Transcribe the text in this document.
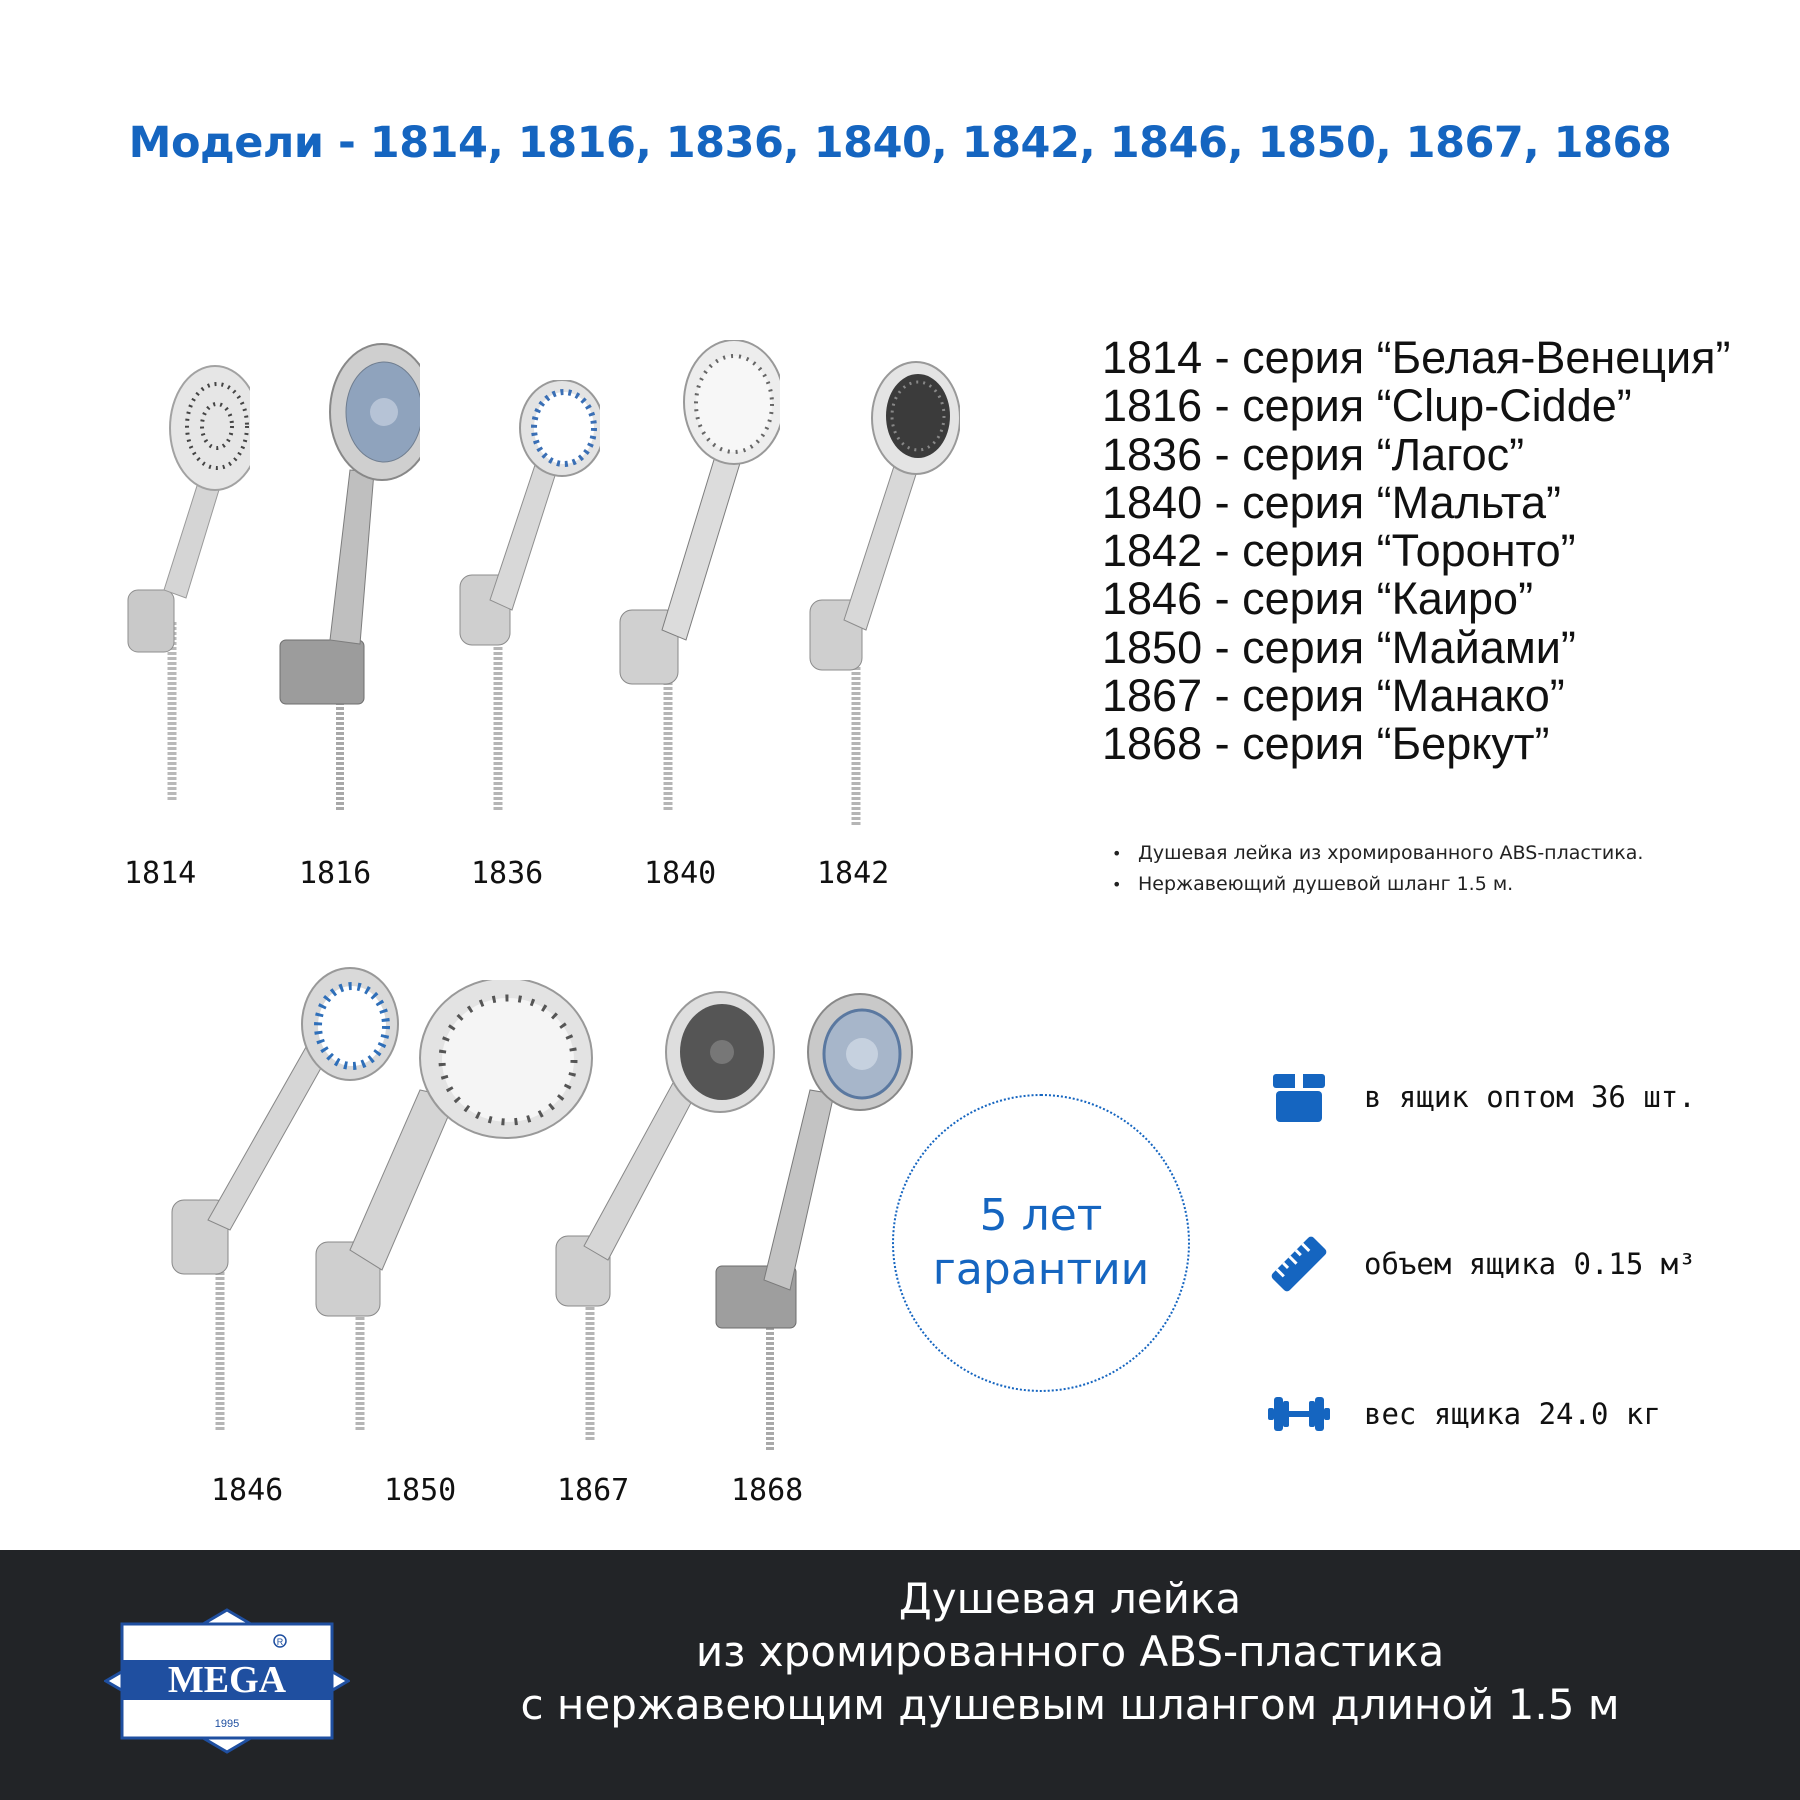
Модели - 1814, 1816, 1836, 1840, 1842, 1846, 1850, 1867, 1868
1814	1816	1836	1840	1842
1846	1850	1867	1868
1814 - серия “Белая-Венеция”
1816 - серия “Clup-Cidde”
1836 - серия “Лагос”
1840 - серия “Мальта”
1842 - серия “Торонто”
1846 - серия “Каиро”
1850 - серия “Майами”
1867 - серия “Манако”
1868 - серия “Беркут”
• Душевая лейка из хромированного ABS-пластика.
• Нержавеющий душевой шланг 1.5 м.
5 лет
гарантии
в ящик оптом 36 шт.
объем ящика 0.15 м³
вес ящика 24.0 кг
MEGA
R
1995
Душевая лейка
из хромированного ABS-пластика
с нержавеющим душевым шлангом длиной 1.5 м
